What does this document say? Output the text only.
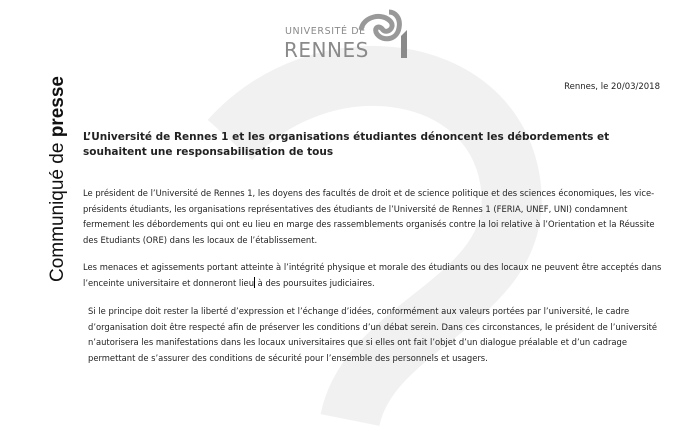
UNIVERSITÉ DE
RENNES
Communiqué de presse	Rennes, le 20/03/2018
L’Université de Rennes 1 et les organisations étudiantes dénoncent les débordements et souhaitent une responsabilisation de tous
Le président de l’Université de Rennes 1, les doyens des facultés de droit et de science politique et des sciences économiques, les vice-présidents étudiants, les organisations représentatives des étudiants de l’Université de Rennes 1 (FERIA, UNEF, UNI) condamnent fermement les débordements qui ont eu lieu en marge des rassemblements organisés contre la loi relative à l’Orientation et la Réussite des Etudiants (ORE) dans les locaux de l’établissement.
Les menaces et agissements portant atteinte à l’intégrité physique et morale des étudiants ou des locaux ne peuvent être acceptés dans l’enceinte universitaire et donneront lieu à des poursuites judiciaires.
Si le principe doit rester la liberté d’expression et l’échange d’idées, conformément aux valeurs portées par l’université, le cadre d’organisation doit être respecté afin de préserver les conditions d’un débat serein. Dans ces circonstances, le président de l’université n’autorisera les manifestations dans les locaux universitaires que si elles ont fait l’objet d’un dialogue préalable et d’un cadrage permettant de s’assurer des conditions de sécurité pour l’ensemble des personnels et usagers.
